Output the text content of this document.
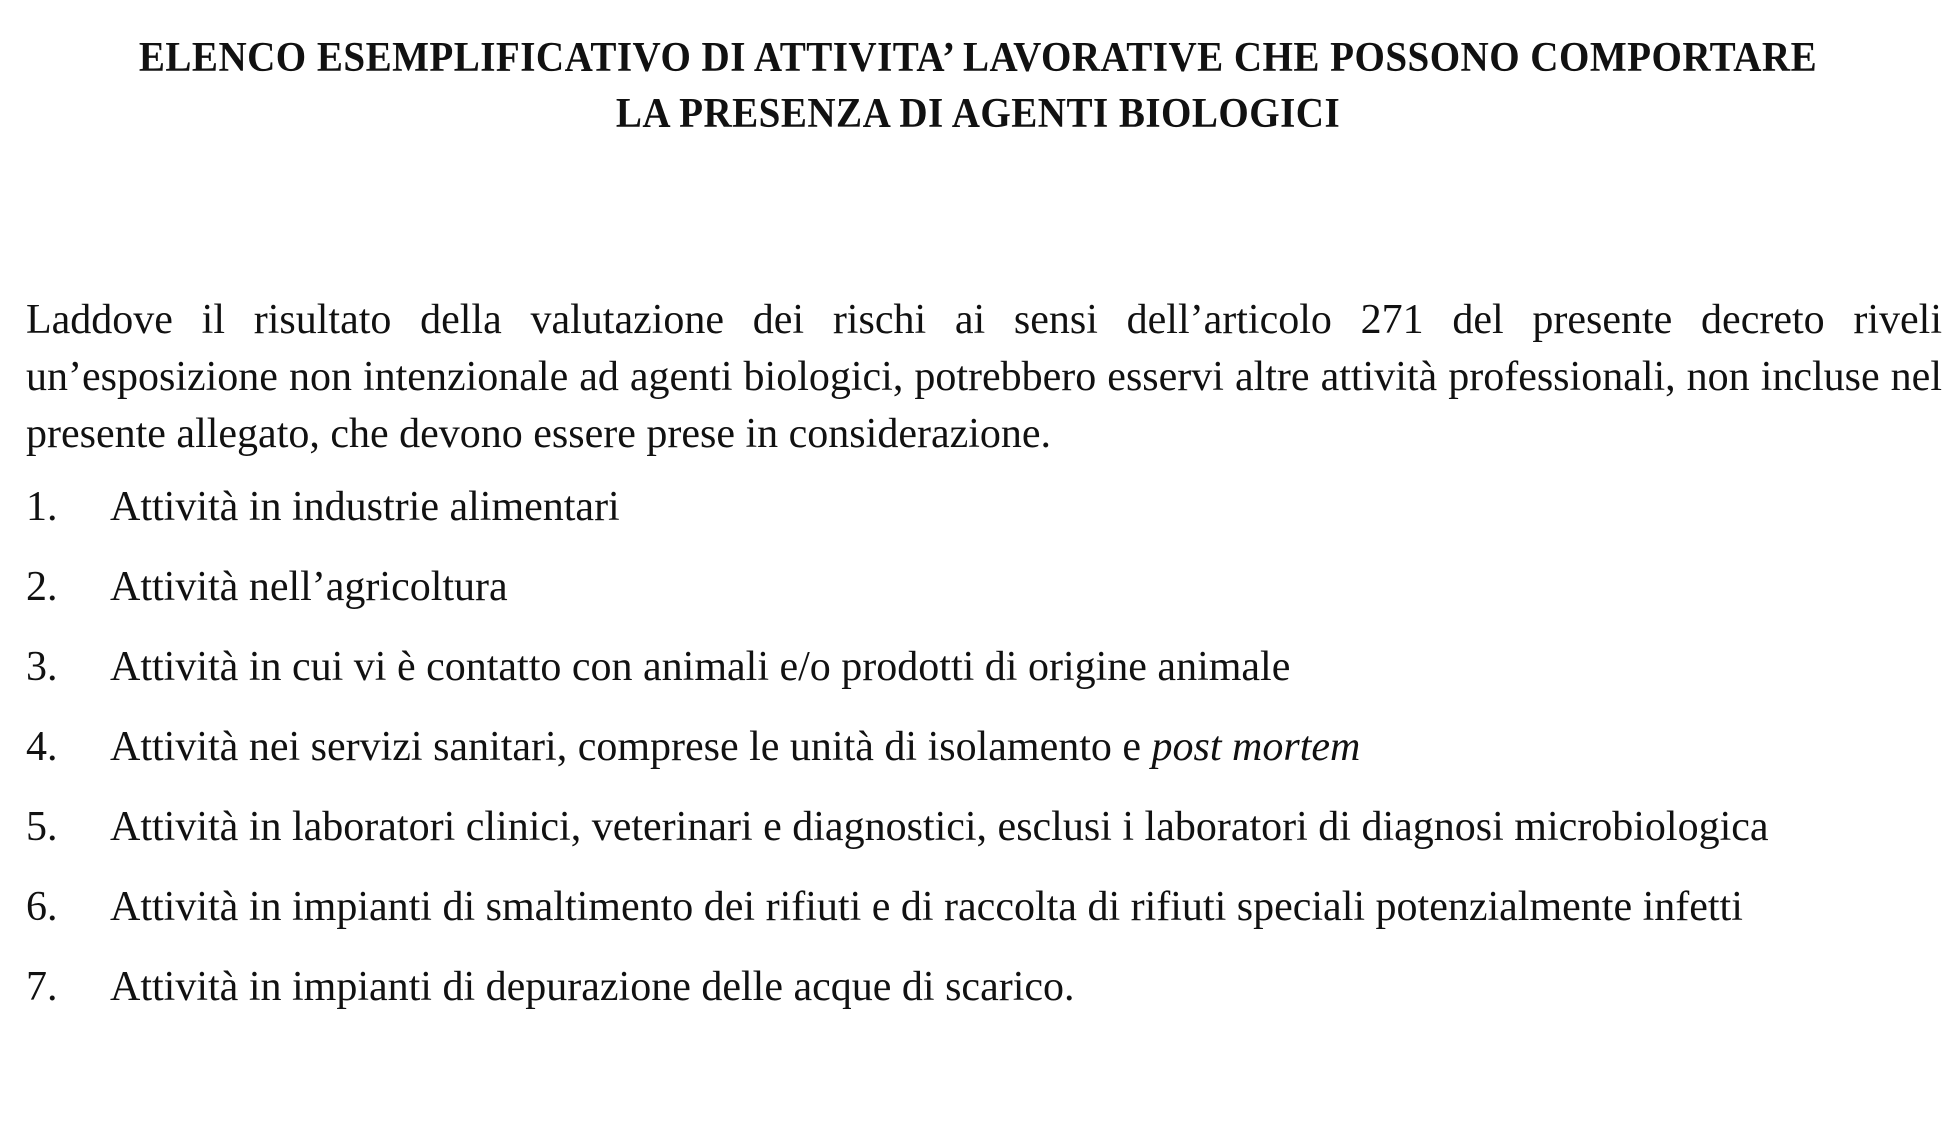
ELENCO ESEMPLIFICATIVO DI ATTIVITA’ LAVORATIVE CHE POSSONO COMPORTARE
LA PRESENZA DI AGENTI BIOLOGICI

Laddove il risultato della valutazione dei rischi ai sensi dell’articolo 271 del presente decreto riveli un’esposizione non intenzionale ad agenti biologici, potrebbero esservi altre attività professionali, non incluse nel presente allegato, che devono essere prese in considerazione.

1.	Attività in industrie alimentari
2.	Attività nell’agricoltura
3.	Attività in cui vi è contatto con animali e/o prodotti di origine animale
4.	Attività nei servizi sanitari, comprese le unità di isolamento e post mortem
5.	Attività in laboratori clinici, veterinari e diagnostici, esclusi i laboratori di diagnosi microbiologica
6.	Attività in impianti di smaltimento dei rifiuti e di raccolta di rifiuti speciali potenzialmente infetti
7.	Attività in impianti di depurazione delle acque di scarico.
